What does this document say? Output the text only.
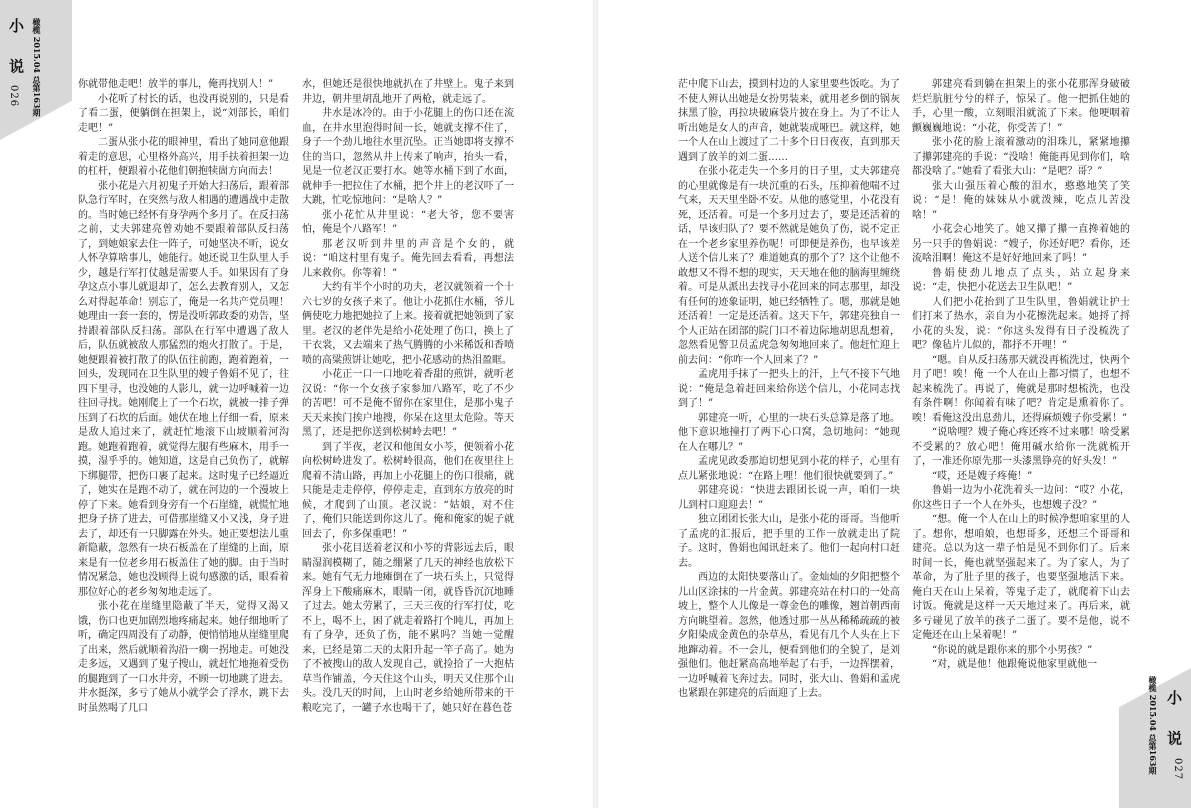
小 说
026 橄榄 2015.04 总第163期
小 说
027
橄榄 2015.04 总第163期

你就带他走吧！放半的事儿，俺再找别人！”

小花听了村长的话，也没再说别的，只是看了看二蛋，便躺倒在担架上，说“刘部长，咱们走吧！”

二蛋从张小花的眼神里，看出了她同意他跟着走的意思，心里格外高兴，用手扶着担架一边的杠杆，便跟着小花他们朝抱犊崮方向而去！

张小花是六月初鬼子开始大扫荡后，跟着部队急行军时，在突然与敌人相遇的遭遇战中走散的。当时她已经怀有身孕两个多月了。在反扫荡之前，丈夫郭建亮曾劝她不要跟着部队反扫荡了，到她娘家去住一阵子，可她坚决不听，说女人怀孕算啥事儿，她能行。她还说卫生队里人手少，越是行军打仗越是需要人手。如果因有了身孕这点小事儿就退却了，怎么去教育别人，又怎么对得起革命！别忘了，俺是一名共产党员哩！她理由一套一套的，愣是没听郭政委的劝告，坚持跟着部队反扫荡。部队在行军中遭遇了敌人后，队伍就被敌人那猛烈的炮火打散了。于是，她便跟着被打散了的队伍往前跑，跑着跑着，一回头，发现同在卫生队里的嫂子鲁娟不见了，往四下里寻，也没她的人影儿，就一边呼喊着一边往回寻找。她刚爬上了一个石坎，就被一排子弹压到了石坎的后面。她伏在地上仔细一看，原来是敌人追过来了，就赶忙地滚下山坡顺着河沟跑。她跑着跑着，就觉得左腿有些麻木，用手一摸，湿乎乎的。她知道，这是自己负伤了，就解下绑腿带，把伤口裹了起来。这时鬼子已经逼近了，她实在是跑不动了，就在河边的一个漫坡上停了下来。她看到身旁有一个石崖缝，就慌忙地把身子挤了进去，可借那崖缝又小又浅，身子进去了，却还有一只脚露在外头。她正要想法儿重新隐蔽，忽然有一块石板盖在了崖缝的上面，原来是有一位老乡用石板盖住了她的脚。由于当时情况紧急，她也没顾得上说句感激的话，眼看着那位好心的老乡匆匆地走远了。

张小花在崖缝里隐蔽了半天，觉得又渴又饿，伤口也更加剧烈地疼痛起来。她仔细地听了听，确定四周没有了动静，便悄悄地从崖缝里爬了出来，然后就顺着沟沿一瘸一拐地走。可她没走多远，又遇到了鬼子搜山，就赶忙地拖着受伤的腿跑到了一口水井旁，不顾一切地跳了进去。井水挺深，多亏了她从小就学会了浮水，跳下去时虽然喝了几口

水，但她还是很快地就扒在了井壁上。鬼子来到井边，朝井里胡乱地开了两枪，就走远了。

井水是冰冷的。由于小花腿上的伤口还在流血，在井水里泡得时间一长，她就支撑不住了，身子一个劲儿地往水里沉坠。正当她即将支撑不住的当口，忽然从井上传来了响声，抬头一看，见是一位老汉正要打水。她等水桶下到了水面，就伸手一把拉住了水桶，把个井上的老汉吓了一大跳，忙吃惊地问：“是啥人？”

张小花忙从井里说：“老大爷，您不要害怕，俺是个八路军！”

那老汉听到井里的声音是个女的，就说：“咱这村里有鬼子。俺先回去看看，再想法儿来救你。你等着！”

大约有半个小时的功夫，老汉就领着一个十六七岁的女孩子来了。他让小花抓住水桶，爷儿俩使吃力地把她拉了上来。接着就把她领到了家里。老汉的老伴先是给小花处理了伤口，换上了干衣裳，又去端来了热气腾腾的小米稀饭和香喷喷的高粱煎饼让她吃，把小花感动的热泪盈眶。

小花正一口一口地吃着香甜的煎饼，就听老汉说：“你一个女孩子家参加八路军，吃了不少的苦吧！可不是俺不留你在家里住，是那小鬼子天天来挨门挨户地搜，你呆在这里太危险。等天黑了，还是把你送到松树岭去吧！”

到了半夜，老汉和他闺女小芩，便领着小花向松树岭进发了。松树岭很高，他们在夜里往上爬着不清山路，再加上小花腿上的伤口很痛，就只能是走走停停，停停走走，直到东方放亮的时候，才爬到了山顶。老汉说：“姑娘，对不住了，俺们只能送到你这儿了。俺和俺家的妮子就回去了，你多保重吧！”

张小花目送着老汉和小芩的背影远去后，眼睛湿润模糊了，随之绷紧了几天的神经也放松下来。她有气无力地瘫倒在了一块石头上，只觉得浑身上下酸痛麻木，眼睛一闭，就昏昏沉沉地睡了过去。她太劳累了，三天三夜的行军打仗，吃不上，喝不上，困了就走着路打个盹儿，再加上有了身孕，还负了伤，能不累吗？当她一觉醒来，已经是第二天的太阳升起一竿子高了。她为了不被搜山的敌人发现自己，就捡拾了一大抱枯草当作铺盖，今天住这个山头，明天又住那个山头。没几天的时间，上山时老乡给她所带来的干粮吃完了，一罐子水也喝干了，她只好在暮色苍

茫中爬下山去，摸到村边的人家里要些饭吃。为了不使人辨认出她是女扮男装来，就用老乡倒的锅灰抹黑了脸，再拉块破麻袋片披在身上。为了不让人听出她是女人的声音，她就装成哑巴。就这样，她一个人在山上渡过了二十多个日日夜夜，直到那天遇到了放羊的刘二蛋……

在张小花走失一个多月的日子里，丈夫郭建亮的心里就像是有一块沉重的石头，压抑着他喘不过气来，天天里坐卧不安。从他的感觉里，小花没有死，还活着。可是一个多月过去了，要是还活着的话，早该归队了？要不然就是她负了伤，说不定正在一个老乡家里养伤呢！可即便是养伤，也早该差人送个信儿来了？难道她真的那个了？这个让他不敢想又不得不想的现实，天天地在他的脑海里缠绕着。可是从派出去找寻小花回来的同志那里，却没有任何的迹象证明，她已经牺牲了。嗯，那就是她还活着！一定是还活着。这天下午，郭建亮独自一个人正站在团部的院门口不着边际地胡思乱想着，忽然看见警卫员孟虎急匆匆地回来了。他赶忙迎上前去问：“你咋一个人回来了？”

孟虎用手抹了一把头上的汗，上气不接下气地说：“俺是急着赶回来给你送个信儿，小花同志找到了！”

郭建亮一听，心里的一块石头总算是落了地。他下意识地撞打了两下心口窝，急切地问：“她现在人在哪儿？”

孟虎见政委那迫切想见到小花的样子，心里有点儿紧张地说：“在路上哩！他们很快就要到了。”

郭建亮说：“快进去跟团长说一声，咱们一块儿到村口迎迎去！”

独立团团长张大山，是张小花的哥哥。当他听了孟虎的汇报后，把手里的工作一放就走出了院子。这时，鲁娟也闻讯赶来了。他们一起向村口赶去。

西边的太阳快要落山了。金灿灿的夕阳把整个儿山区涂抹的一片金黄。郭建亮站在村口的一处高坡上，整个人儿像是一尊金色的雕像，翘首朝西南方向眺望着。忽然，他透过那一丛丛稀稀疏疏的被夕阳染成金黄色的杂草丛，看见有几个人头在上下地蹿动着。不一会儿，便看到他们的全貌了，是刘强他们。他赶紧高高地举起了右手，一边挥摆着，一边呼喊着飞奔过去。同时，张大山、鲁娟和孟虎也紧跟在郭建亮的后面迎了上去。

郭建亮看到躺在担架上的张小花那浑身破破烂烂肮脏兮兮的样子，惊呆了。他一把抓住她的手，心里一酸，立刻眼泪就流了下来。他哽咽着颤巍巍地说：“小花，你受苦了！”

张小花的脸上滚着激动的泪珠儿，紧紧地攥了攥郭建亮的手说：“没啥！俺能再见到你们，啥都没啥了。”她看了看张大山：“是吧？哥？”

张大山强压着心酸的泪水，憨憨地笑了笑说：“是！俺的妹妹从小就泼辣，吃点儿苦没啥！”

小花会心地笑了。她又攥了攥一直搀着她的另一只手的鲁娟说：“嫂子，你还好吧？看你，还流啥泪啊！俺这不是好好地回来了吗！”

鲁娟使劲儿地点了点头，站立起身来说：“走，快把小花送去卫生队吧！”

人们把小花抬到了卫生队里，鲁娟就让护士们打来了热水，亲自为小花擦洗起来。她捋了捋小花的头发，说：“你这头发得有日子没梳洗了吧？像毡片儿似的，都抒不开哩！”

“嗯。自从反扫荡那天就没再梳洗过，快两个月了吧！唉！俺 一个人在山上都习惯了，也想不起来梳洗了。再说了，俺就是那时想梳洗，也没有条件啊！你闻着有味了吧？肯定是熏着你了。唉！看俺这没出息劲儿，还得麻烦嫂子你受累！”

“说啥哩？嫂子俺心疼还疼不过来哪！啥受累不受累的？放心吧！俺用碱水给你一洗就梳开了，一准还你原先那一头漆黑铮亮的好头发！”

“哎，还是嫂子疼俺！”

鲁娟一边为小花洗着头一边问：“哎？小花，你这些日子一个人在外头，也想嫂子没？”

“想。俺一个人在山上的时候净想咱家里的人了。想你，想咱娘，也想哥多，还想三个哥哥和建亮。总以为这一辈子怕是见不到你们了。后来时间一长，俺也就坚强起来了。为了家人，为了革命，为了肚子里的孩子，也要坚强地活下来。俺白天在山上呆着，等鬼子走了，就爬着下山去讨饭。俺就是这样一天天地过来了。再后来，就多亏碰见了放羊的孩子二蛋了。要不是他，说不定俺还在山上呆着呢！”

“你说的就是跟你来的那个小男孩？”

“对，就是他！他跟俺说他家里就他一
